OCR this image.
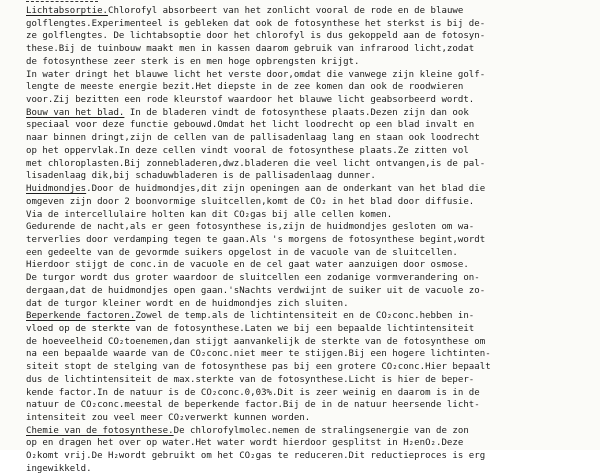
Lichtabsorptie.Chlorofyl absorbeert van het zonlicht vooral de rode en de blauwe
golflengtes.Experimenteel is gebleken dat ook de fotosynthese het sterkst is bij de-
ze golflengtes. De lichtabsoptie door het chlorofyl is dus gekoppeld aan de fotosyn-
these.Bij de tuinbouw maakt men in kassen daarom gebruik van infrarood licht,zodat
de fotosynthese zeer sterk is en men hoge opbrengsten krijgt.
In water dringt het blauwe licht het verste door,omdat die vanwege zijn kleine golf-
lengte de meeste energie bezit.Het diepste in de zee komen dan ook de roodwieren
voor.Zij bezitten een rode kleurstof waardoor het blauwe licht geabsorbeerd wordt.
Bouw van het blad. In de bladeren vindt de fotosynthese plaats.Dezen zijn dan ook
speciaal voor deze functie gebouwd.Omdat het licht loodrecht op een blad invalt en
naar binnen dringt,zijn de cellen van de pallisadenlaag lang en staan ook loodrecht
op het oppervlak.In deze cellen vindt vooral de fotosynthese plaats.Ze zitten vol
met chloroplasten.Bij zonnebladeren,dwz.bladeren die veel licht ontvangen,is de pal-
lisadenlaag dik,bij schaduwbladeren is de pallisadenlaag dunner.
Huidmondjes.Door de huidmondjes,dit zijn openingen aan de onderkant van het blad die
omgeven zijn door 2 boonvormige sluitcellen,komt de CO₂ in het blad door diffusie.
Via de intercellulaire holten kan dit CO₂gas bij alle cellen komen.
Gedurende de nacht,als er geen fotosynthese is,zijn de huidmondjes gesloten om wa-
terverlies door verdamping tegen te gaan.Als 's morgens de fotosynthese begint,wordt
een gedeelte van de gevormde suikers opgelost in de vacuole van de sluitcellen.
Hierdoor stijgt de conc.in de vacuole en de cel gaat water aanzuigen door osmose.
De turgor wordt dus groter waardoor de sluitcellen een zodanige vormverandering on-
dergaan,dat de huidmondjes open gaan.'sNachts verdwijnt de suiker uit de vacuole zo-
dat de turgor kleiner wordt en de huidmondjes zich sluiten.
Beperkende factoren.Zowel de temp.als de lichtintensiteit en de CO₂conc.hebben in-
vloed op de sterkte van de fotosynthese.Laten we bij een bepaalde lichtintensiteit
de hoeveelheid CO₂toenemen,dan stijgt aanvankelijk de sterkte van de fotosynthese om
na een bepaalde waarde van de CO₂conc.niet meer te stijgen.Bij een hogere lichtinten-
siteit stopt de stelging van de fotosynthese pas bij een grotere CO₂conc.Hier bepaalt
dus de lichtintensiteit de max.sterkte van de fotosynthese.Licht is hier de beper-
kende factor.In de natuur is de CO₂conc.0,03%.Dit is zeer weinig en daarom is in de
natuur de CO₂conc.meestal de beperkende factor.Bij de in de natuur heersende licht-
intensiteit zou veel meer CO₂verwerkt kunnen worden.
Chemie van de fotosynthese.De chlorofylmolec.nemen de stralingsenergie van de zon
op en dragen het over op water.Het water wordt hierdoor gesplitst in H₂enO₂.Deze
O₂komt vrij.De H₂wordt gebruikt om het CO₂gas te reduceren.Dit reductieproces is erg
ingewikkeld.
